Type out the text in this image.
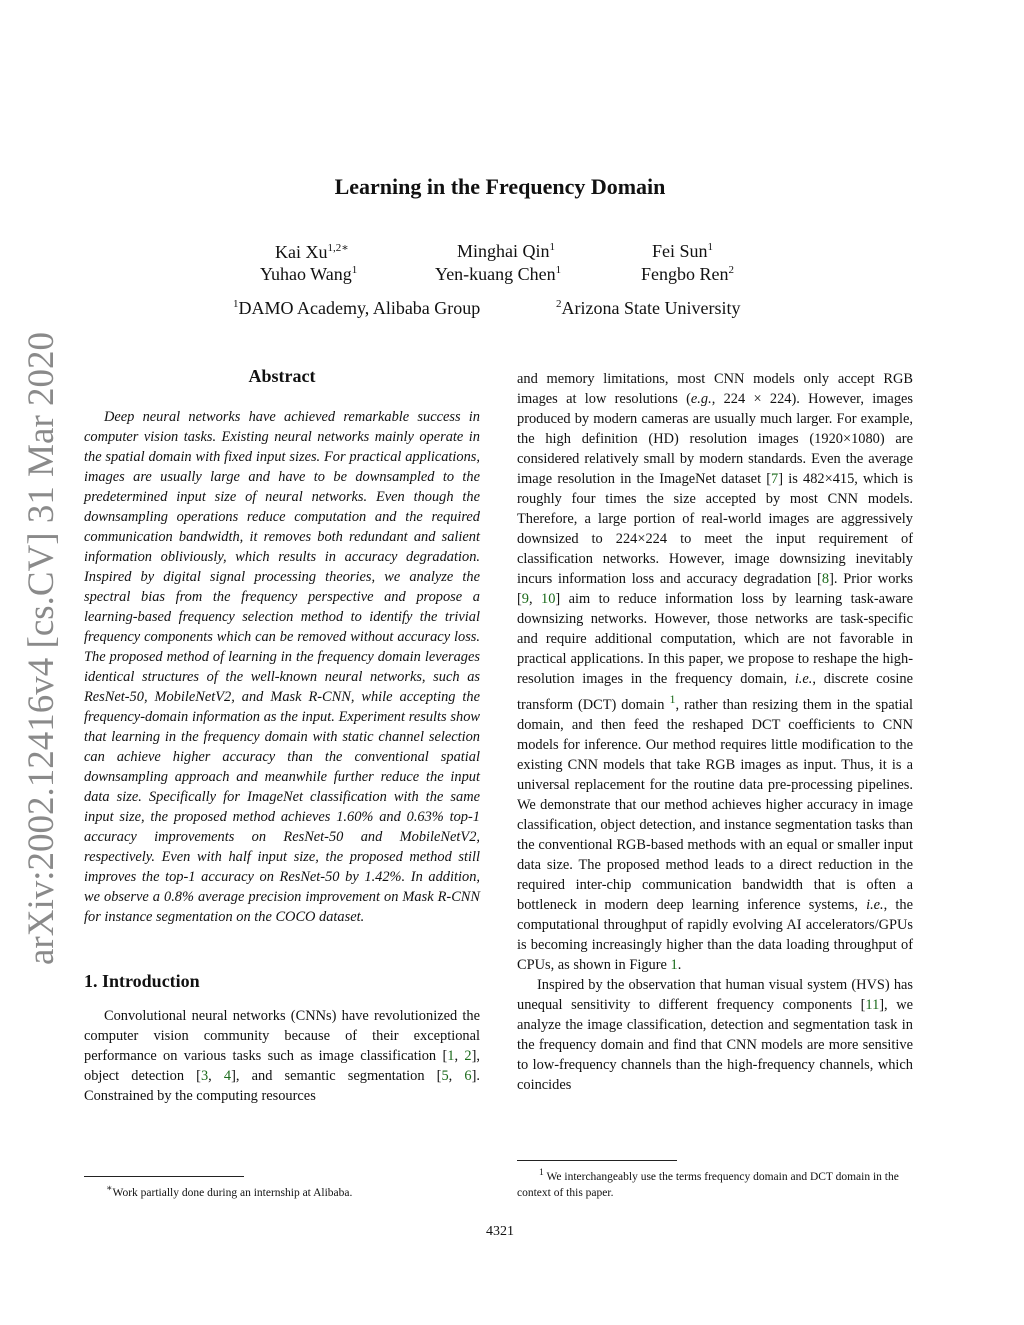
arXiv:2002.12416v4 [cs.CV] 31 Mar 2020
Learning in the Frequency Domain
Kai $Xu^{1,2∗}$	Minghai Qin$^1$	Fei Sun$^1$
Yuhao Wang$^1$	Yen-kuang Chen$^1$	Fengbo Ren$^2$
$^1$DAMO Academy, Alibaba Group	$^2$Arizona State University
Abstract

Deep neural networks have achieved remarkable success in computer vision tasks. Existing neural networks mainly operate in the spatial domain with fixed input sizes. For practical applications, images are usually large and have to be downsampled to the predetermined input size of neural networks. Even though the downsampling operations reduce computation and the required communication bandwidth, it removes both redundant and salient information obliviously, which results in accuracy degradation. Inspired by digital signal processing theories, we analyze the spectral bias from the frequency perspective and propose a learning-based frequency selection method to identify the trivial frequency components which can be removed without accuracy loss. The proposed method of learning in the frequency domain leverages identical structures of the well-known neural networks, such as ResNet-50, MobileNetV2, and Mask R-CNN, while accepting the frequency-domain information as the input. Experiment results show that learning in the frequency domain with static channel selection can achieve higher accuracy than the conventional spatial downsampling approach and meanwhile further reduce the input data size. Specifically for ImageNet classification with the same input size, the proposed method achieves 1.60% and 0.63% top-1 accuracy improvements on ResNet-50 and MobileNetV2, respectively. Even with half input size, the proposed method still improves the top-1 accuracy on ResNet-50 by 1.42%. In addition, we observe a 0.8% average precision improvement on Mask R-CNN for instance segmentation on the COCO dataset.

1. Introduction

Convolutional neural networks (CNNs) have revolutionized the computer vision community because of their exceptional performance on various tasks such as image classification [1, 2], object detection [3, 4], and semantic segmentation [5, 6]. Constrained by the computing resources

∗Work partially done during an internship at Alibaba.

and memory limitations, most CNN models only accept RGB images at low resolutions (e.g., 224 × 224). However, images produced by modern cameras are usually much larger. For example, the high definition (HD) resolution images (1920×1080) are considered relatively small by modern standards. Even the average image resolution in the ImageNet dataset [7] is 482×415, which is roughly four times the size accepted by most CNN models. Therefore, a large portion of real-world images are aggressively downsized to 224×224 to meet the input requirement of classification networks. However, image downsizing inevitably incurs information loss and accuracy degradation [8]. Prior works [9, 10] aim to reduce information loss by learning task-aware downsizing networks. However, those networks are task-specific and require additional computation, which are not favorable in practical applications. In this paper, we propose to reshape the high-resolution images in the frequency domain, i.e., discrete cosine transform (DCT) domain $^1$, rather than resizing them in the spatial domain, and then feed the reshaped DCT coefficients to CNN models for inference. Our method requires little modification to the existing CNN models that take RGB images as input. Thus, it is a universal replacement for the routine data pre-processing pipelines. We demonstrate that our method achieves higher accuracy in image classification, object detection, and instance segmentation tasks than the conventional RGB-based methods with an equal or smaller input data size. The proposed method leads to a direct reduction in the required inter-chip communication bandwidth that is often a bottleneck in modern deep learning inference systems, i.e., the computational throughput of rapidly evolving AI accelerators/GPUs is becoming increasingly higher than the data loading throughput of CPUs, as shown in Figure 1.

Inspired by the observation that human visual system (HVS) has unequal sensitivity to different frequency components [11], we analyze the image classification, detection and segmentation task in the frequency domain and find that CNN models are more sensitive to low-frequency channels than the high-frequency channels, which coincides

$^1$ We interchangeably use the terms frequency domain and DCT domain in the context of this paper.

4321
